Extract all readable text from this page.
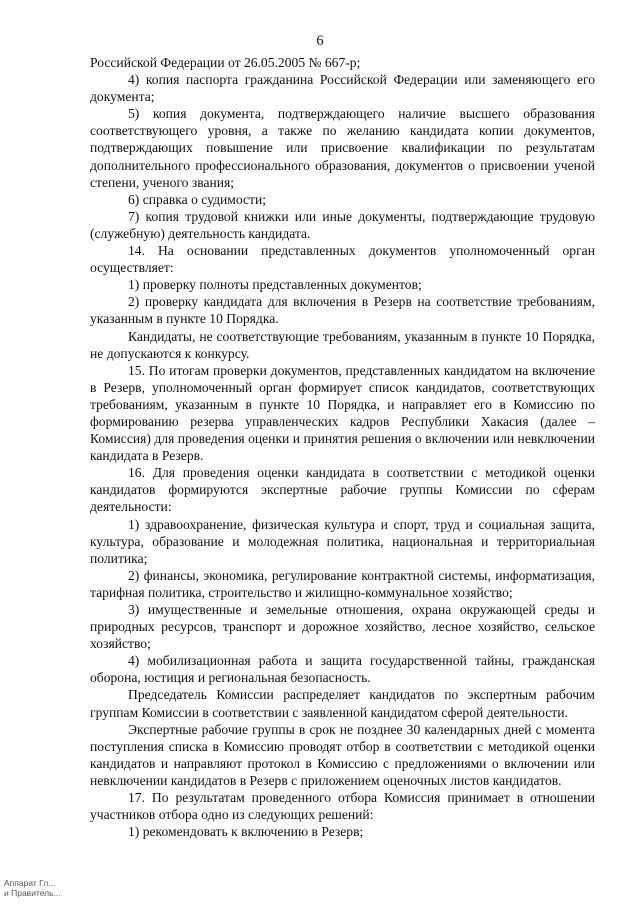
6

Российской Федерации от 26.05.2005 № 667-р;

4) копия паспорта гражданина Российской Федерации или заменяющего его документа;

5) копия документа, подтверждающего наличие высшего образования соответствующего уровня, а также по желанию кандидата копии документов, подтверждающих повышение или присвоение квалификации по результатам дополнительного профессионального образования, документов о присвоении ученой степени, ученого звания;

6) справка о судимости;

7) копия трудовой книжки или иные документы, подтверждающие трудовую (служебную) деятельность кандидата.

14. На основании представленных документов уполномоченный орган осуществляет:

1) проверку полноты представленных документов;

2) проверку кандидата для включения в Резерв на соответствие требованиям, указанным в пункте 10 Порядка.

Кандидаты, не соответствующие требованиям, указанным в пункте 10 Порядка, не допускаются к конкурсу.

15. По итогам проверки документов, представленных кандидатом на включение в Резерв, уполномоченный орган формирует список кандидатов, соответствующих требованиям, указанным в пункте 10 Порядка, и направляет его в Комиссию по формированию резерва управленческих кадров Республики Хакасия (далее – Комиссия) для проведения оценки и принятия решения о включении или невключении кандидата в Резерв.

16. Для проведения оценки кандидата в соответствии с методикой оценки кандидатов формируются экспертные рабочие группы Комиссии по сферам деятельности:

1) здравоохранение, физическая культура и спорт, труд и социальная защита, культура, образование и молодежная политика, национальная и территориальная политика;

2) финансы, экономика, регулирование контрактной системы, информатизация, тарифная политика, строительство и жилищно-коммунальное хозяйство;

3) имущественные и земельные отношения, охрана окружающей среды и природных ресурсов, транспорт и дорожное хозяйство, лесное хозяйство, сельское хозяйство;

4) мобилизационная работа и защита государственной тайны, гражданская оборона, юстиция и региональная безопасность.

Председатель Комиссии распределяет кандидатов по экспертным рабочим группам Комиссии в соответствии с заявленной кандидатом сферой деятельности.

Экспертные рабочие группы в срок не позднее 30 календарных дней с момента поступления списка в Комиссию проводят отбор в соответствии с методикой оценки кандидатов и направляют протокол в Комиссию с предложениями о включении или невключении кандидатов в Резерв с приложением оценочных листов кандидатов.

17. По результатам проведенного отбора Комиссия принимает в отношении участников отбора одно из следующих решений:

1) рекомендовать к включению в Резерв;

Аппарат Гл...
и Правитель...
